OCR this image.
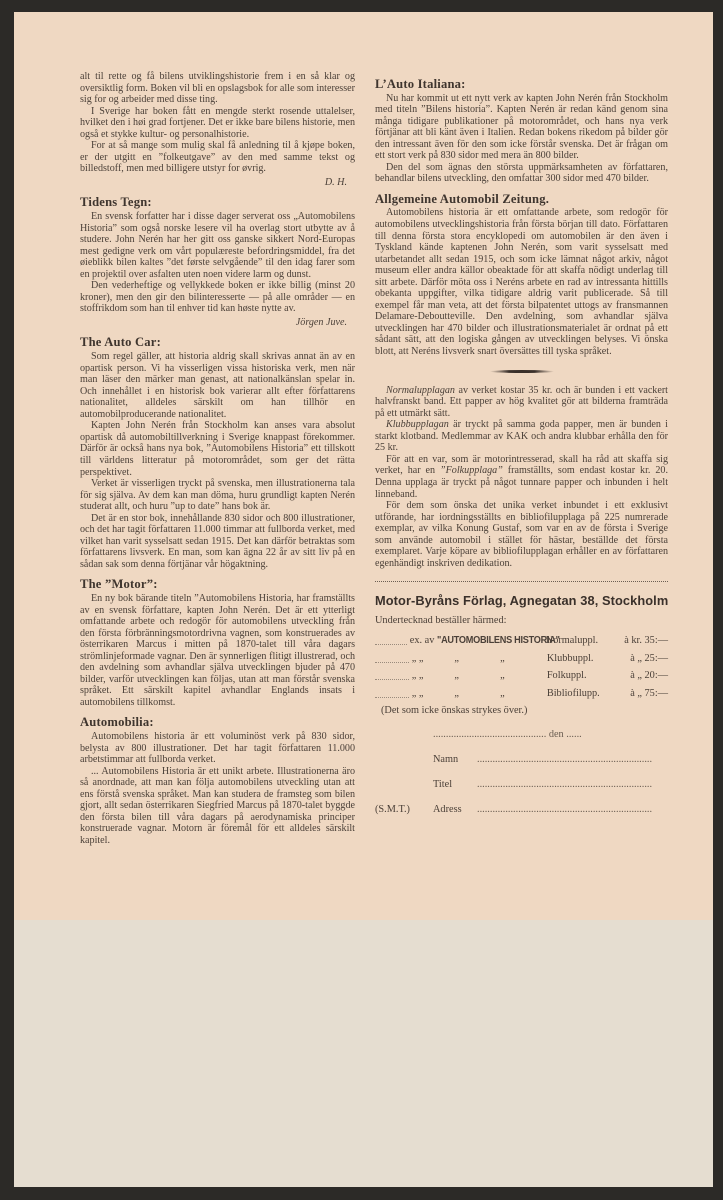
alt til rette og få bilens utviklingshistorie frem i en så klar og oversiktlig form. Boken vil bli en opslagsbok for alle som interesser sig for og arbeider med disse ting.

I Sverige har boken fått en mengde sterkt rosende uttalelser, hvilket den i høi grad fortjener. Det er ikke bare bilens historie, men også et stykke kultur- og personalhistorie.

For at så mange som mulig skal få anledning til å kjøpe boken, er der utgitt en ”folkeutgave” av den med samme tekst og billedstoff, men med billigere utstyr for øvrig.

D. H.
Tidens Tegn:

En svensk forfatter har i disse dager serverat oss „Automobilens Historia” som også norske lesere vil ha overlag stort utbytte av å studere. John Nerén har her gitt oss ganske sikkert Nord-Europas mest gedigne verk om vårt populæreste befordringsmiddel, fra det øieblikk bilen kaltes ”det første selvgående” til den idag farer som en projektil over asfalten uten noen videre larm og dunst.

Den vederheftige og vellykkede boken er ikke billig (minst 20 kroner), men den gir den bilinteresserte — på alle områder — en stoffrikdom som han til enhver tid kan høste nytte av.

Jörgen Juve.
The Auto Car:

Som regel gäller, att historia aldrig skall skrivas annat än av en opartisk person. Vi ha visserligen vissa historiska verk, men när man läser den märker man genast, att nationalkänslan spelar in. Och innehållet i en historisk bok varierar allt efter författarens nationalitet, alldeles särskilt om han tillhör en automobilproducerande nationalitet.

Kapten John Nerén från Stockholm kan anses vara absolut opartisk då automobiltillverkning i Sverige knappast förekommer. Därför är också hans nya bok, ”Automobilens Historia” ett tillskott till världens litteratur på motorområdet, som ger det rätta perspektivet.

Verket är visserligen tryckt på svenska, men illustrationerna tala för sig själva. Av dem kan man döma, huru grundligt kapten Nerén studerat allt, och huru ”up to date” hans bok är.

Det är en stor bok, innehållande 830 sidor och 800 illustrationer, och det har tagit författaren 11.000 timmar att fullborda verket, med vilket han varit sysselsatt sedan 1915. Det kan därför betraktas som författarens livsverk. En man, som kan ägna 22 år av sitt liv på en sådan sak som denna förtjänar vår högaktning.

The ”Motor”:

En ny bok bärande titeln ”Automobilens Historia, har framställts av en svensk författare, kapten John Nerén. Det är ett ytterligt omfattande arbete och redogör för automobilens utveckling från den första förbränningsmotordrivna vagnen, som konstruerades av österrikaren Marcus i mitten på 1870-talet till våra dagars strömlinjeformade vagnar. Den är synnerligen flitigt illustrerad, och den avdelning som avhandlar själva utvecklingen bjuder på 470 bilder, varför utvecklingen kan följas, utan att man förstår svenska språket. Ett särskilt kapitel avhandlar Englands insats i automobilens tillkomst.

Automobilia:

Automobilens historia är ett voluminöst verk på 830 sidor, belysta av 800 illustrationer. Det har tagit författaren 11.000 arbetstimmar att fullborda verket.

... Automobilens Historia är ett unikt arbete. Illustrationerna äro så anordnade, att man kan följa automobilens utveckling utan att ens förstå svenska språket. Man kan studera de framsteg som bilen gjort, allt sedan österrikaren Siegfried Marcus på 1870-talet byggde den första bilen till våra dagars på aerodynamiska principer konstruerade vagnar. Motorn är föremål för ett alldeles särskilt kapitel.

L’Auto Italiana:

Nu har kommit ut ett nytt verk av kapten John Nerén från Stockholm med titeln ”Bilens historia”. Kapten Nerén är redan känd genom sina många tidigare publikationer på motorområdet, och hans nya verk förtjänar att bli känt även i Italien. Redan bokens rikedom på bilder gör den intressant även för den som icke förstår svenska. Det är frågan om ett stort verk på 830 sidor med mera än 800 bilder.

Den del som ägnas den största uppmärksamheten av författaren, behandlar bilens utveckling, den omfattar 300 sidor med 470 bilder.

Allgemeine Automobil Zeitung.

Automobilens historia är ett omfattande arbete, som redogör för automobilens utvecklingshistoria från första början till dato. Författaren till denna första stora encyklopedi om automobilen är den även i Tyskland kände kaptenen John Nerén, som varit sysselsatt med utarbetandet allt sedan 1915, och som icke lämnat något arkiv, något museum eller andra källor obeaktade för att skaffa nödigt underlag till sitt arbete. Därför möta oss i Neréns arbete en rad av intressanta hittills obekanta uppgifter, vilka tidigare aldrig varit publicerade. Så till exempel får man veta, att det första bilpatentet uttogs av fransmannen Delamare-Deboutteville. Den avdelning, som avhandlar själva utvecklingen har 470 bilder och illustrationsmaterialet är ordnat på ett sådant sätt, att den logiska gången av utvecklingen belyses. Vi önska blott, att Neréns livsverk snart översättes till tyska språket.

Normalupplagan av verket kostar 35 kr. och är bunden i ett vackert halvfranskt band. Ett papper av hög kvalitet gör att bilderna framträda på ett utmärkt sätt.

Klubbupplagan är tryckt på samma goda papper, men är bunden i starkt klotband. Medlemmar av KAK och andra klubbar erhålla den för 25 kr.

För att en var, som är motorintresserad, skall ha råd att skaffa sig verket, har en ”Folkupplaga” framställts, som endast kostar kr. 20. Denna upplaga är tryckt på något tunnare papper och inbunden i helt linneband.

För dem som önska det unika verket inbundet i ett exklusivt utförande, har iordningsställts en bibliofilupplaga på 225 numrerade exemplar, av vilka Konung Gustaf, som var en av de första i Sverige som använde automobil i stället för hästar, beställde det första exemplaret. Varje köpare av bibliofilupplagan erhåller en av författaren egenhändigt inskriven dedikation.

Motor-Byråns Förlag, Agnegatan 38, Stockholm
Undertecknad beställer härmed:
ex. av "AUTOMOBILENS HISTORIA"
Normaluppl.	à kr. 35:—
„ „	„                „	Klubbuppl.	à „ 25:—
„ „	„                „	Folkuppl.	à „ 20:—
„ „	„                „	Bibliofilupp.	à „ 75:—
(Det som icke önskas strykes över.)
............................................ den ......
Namn	....................................................................
Titel	....................................................................
(S.M.T.)	Adress	....................................................................
